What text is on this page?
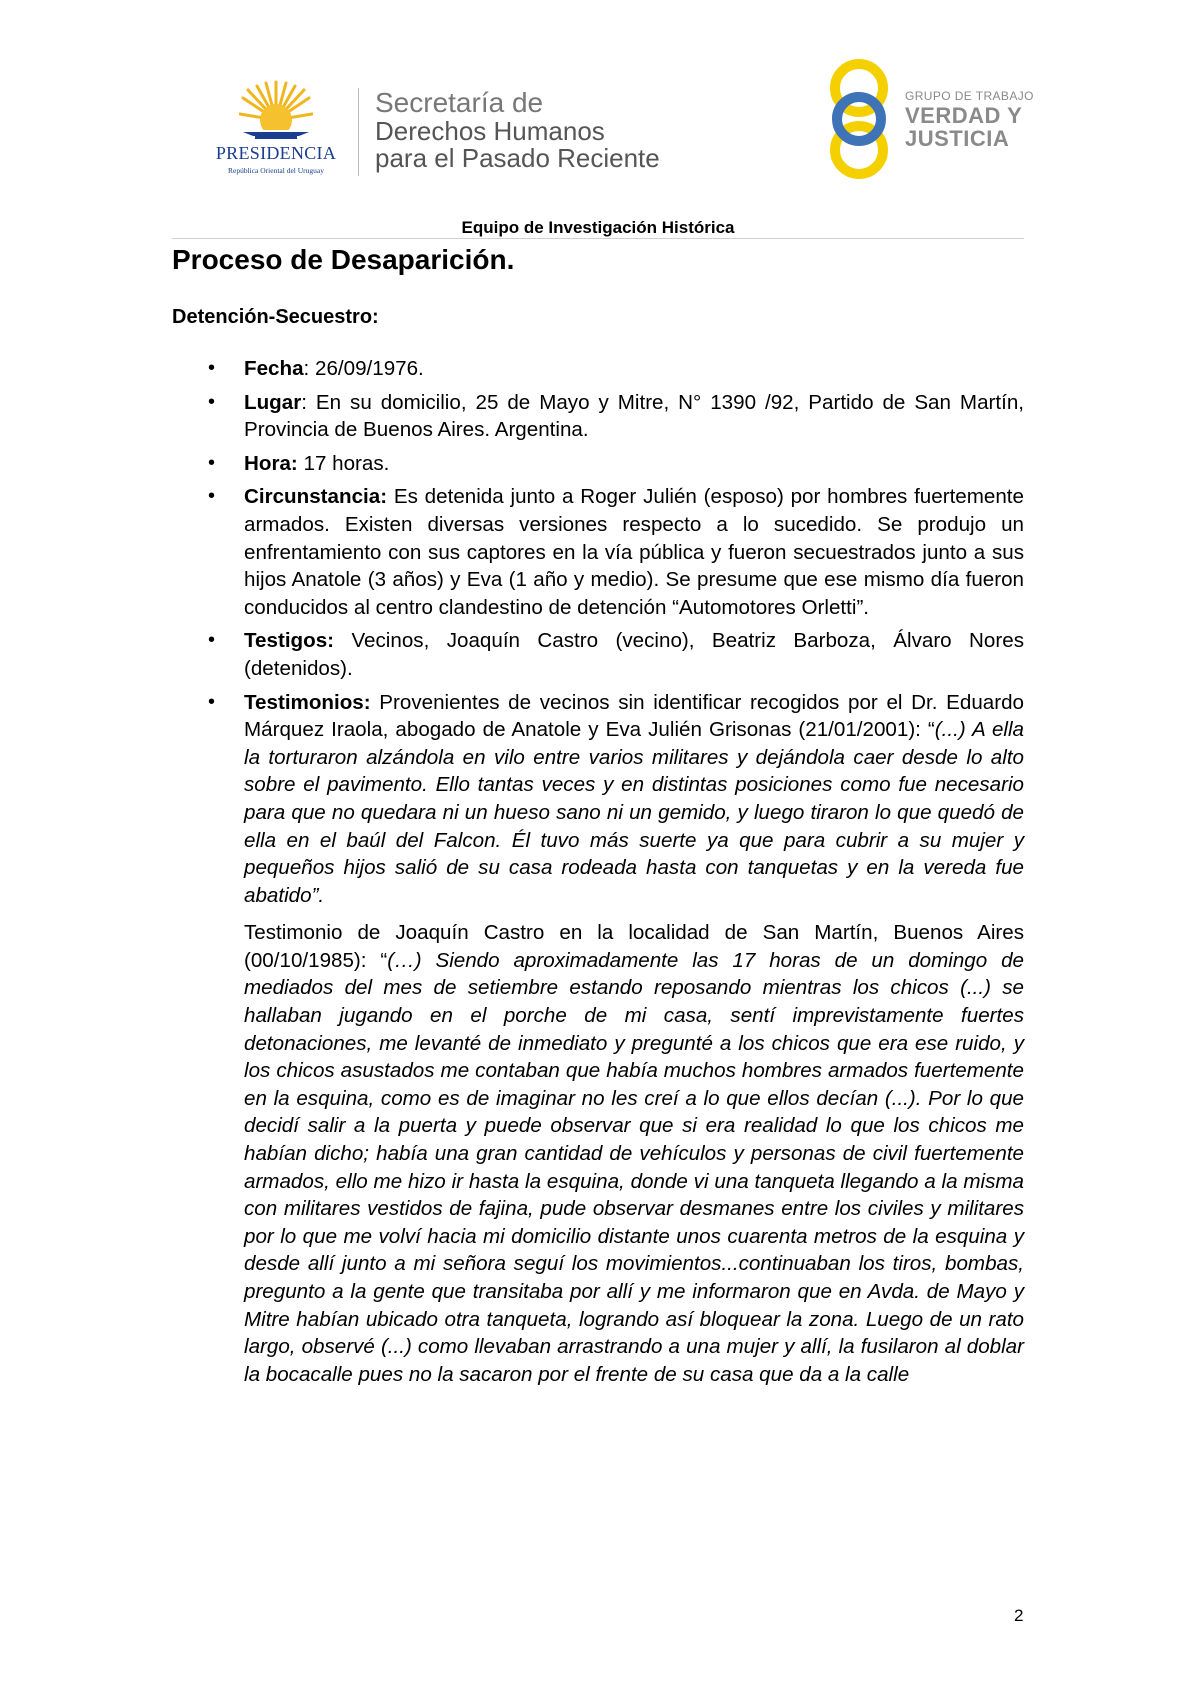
PRESIDENCIA
República Oriental del Uruguay
Secretaría de
Derechos Humanos
para el Pasado Reciente
GRUPO DE TRABAJO
VERDAD Y
JUSTICIA
Equipo de Investigación Histórica
Proceso de Desaparición.
Detención-Secuestro:
• Fecha: 26/09/1976.
• Lugar: En su domicilio, 25 de Mayo y Mitre, N° 1390 /92, Partido de San Martín, Provincia de Buenos Aires. Argentina.
• Hora: 17 horas.
• Circunstancia: Es detenida junto a Roger Julién (esposo) por hombres fuertemente armados. Existen diversas versiones respecto a lo sucedido. Se produjo un enfrentamiento con sus captores en la vía pública y fueron secuestrados junto a sus hijos Anatole (3 años) y Eva (1 año y medio). Se presume que ese mismo día fueron conducidos al centro clandestino de detención “Automotores Orletti”.
• Testigos: Vecinos, Joaquín Castro (vecino), Beatriz Barboza, Álvaro Nores (detenidos).
• Testimonios: Provenientes de vecinos sin identificar recogidos por el Dr. Eduardo Márquez Iraola, abogado de Anatole y Eva Julién Grisonas (21/01/2001): “(...) A ella la torturaron alzándola en vilo entre varios militares y dejándola caer desde lo alto sobre el pavimento. Ello tantas veces y en distintas posiciones como fue necesario para que no quedara ni un hueso sano ni un gemido, y luego tiraron lo que quedó de ella en el baúl del Falcon. Él tuvo más suerte ya que para cubrir a su mujer y pequeños hijos salió de su casa rodeada hasta con tanquetas y en la vereda fue abatido”.
Testimonio de Joaquín Castro en la localidad de San Martín, Buenos Aires (00/10/1985): “(…) Siendo aproximadamente las 17 horas de un domingo de mediados del mes de setiembre estando reposando mientras los chicos (...) se hallaban jugando en el porche de mi casa, sentí imprevistamente fuertes detonaciones, me levanté de inmediato y pregunté a los chicos que era ese ruido, y los chicos asustados me contaban que había muchos hombres armados fuertemente en la esquina, como es de imaginar no les creí a lo que ellos decían (...). Por lo que decidí salir a la puerta y puede observar que si era realidad lo que los chicos me habían dicho; había una gran cantidad de vehículos y personas de civil fuertemente armados, ello me hizo ir hasta la esquina, donde vi una tanqueta llegando a la misma con militares vestidos de fajina, pude observar desmanes entre los civiles y militares por lo que me volví hacia mi domicilio distante unos cuarenta metros de la esquina y desde allí junto a mi señora seguí los movimientos...continuaban los tiros, bombas, pregunto a la gente que transitaba por allí y me informaron que en Avda. de Mayo y Mitre habían ubicado otra tanqueta, logrando así bloquear la zona. Luego de un rato largo, observé (...) como llevaban arrastrando a una mujer y allí, la fusilaron al doblar la bocacalle pues no la sacaron por el frente de su casa que da a la calle
2
